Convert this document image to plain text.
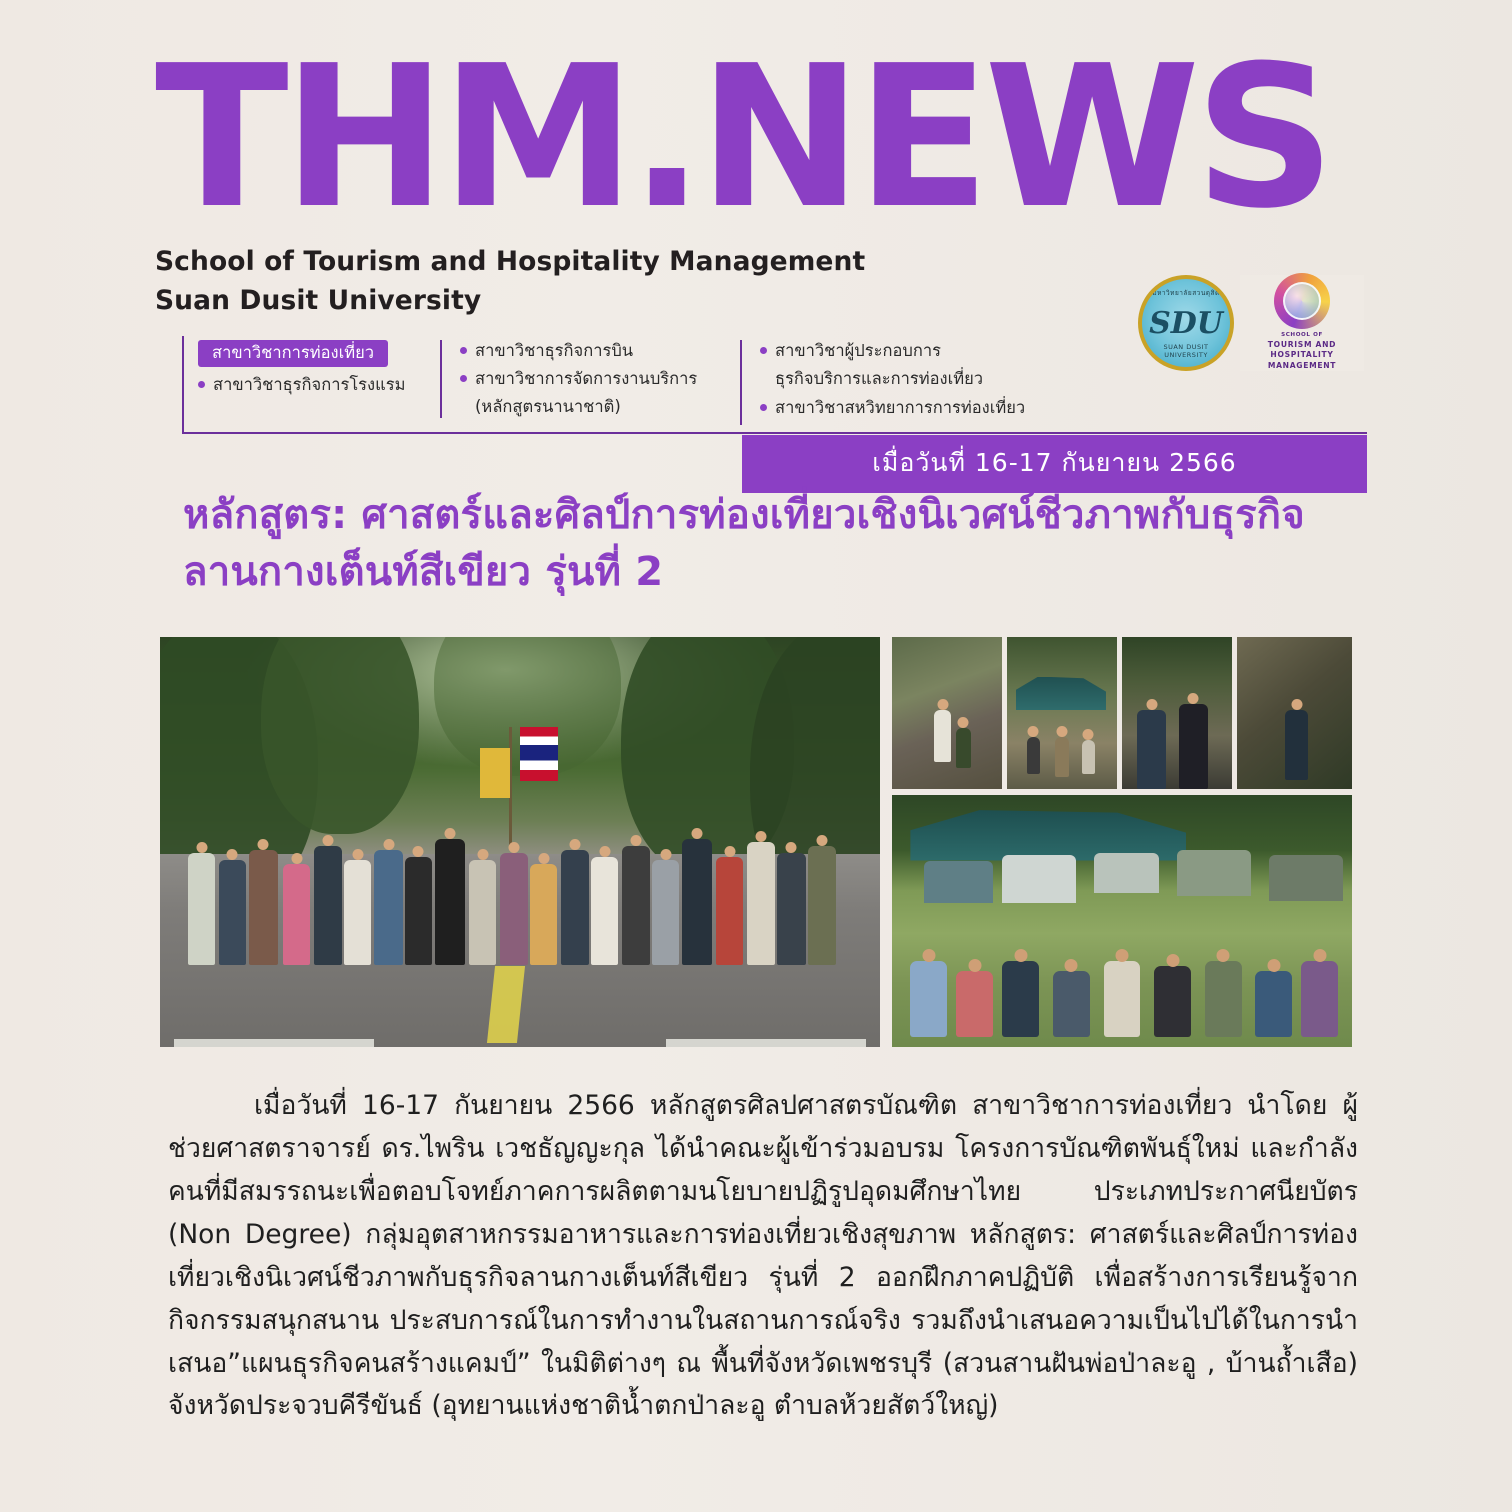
THM.NEWS
School of Tourism and Hospitality Management
Suan Dusit University
สาขาวิชาการท่องเที่ยว
สาขาวิชาธุรกิจการโรงแรม
สาขาวิชาธุรกิจการบิน
สาขาวิชาการจัดการงานบริการ
(หลักสูตรนานาชาติ)
สาขาวิชาผู้ประกอบการ
ธุรกิจบริการและการท่องเที่ยว
สาขาวิชาสหวิทยาการการท่องเที่ยว
มหาวิทยาลัยสวนดุสิต
SDU
SUAN DUSIT UNIVERSITY
SCHOOL OF
TOURISM AND HOSPITALITY MANAGEMENT
เมื่อวันที่ 16-17 กันยายน 2566
หลักสูตร: ศาสตร์และศิลป์การท่องเที่ยวเชิงนิเวศน์ชีวภาพกับธุรกิจลานกางเต็นท์สีเขียว รุ่นที่ 2
เมื่อวันที่ 16-17 กันยายน 2566 หลักสูตรศิลปศาสตรบัณฑิต สาขาวิชาการท่องเที่ยว นำโดย ผู้ช่วยศาสตราจารย์ ดร.ไพริน เวชธัญญะกุล ได้นำคณะผู้เข้าร่วมอบรม โครงการบัณฑิตพันธุ์ใหม่ และกำลังคนที่มีสมรรถนะเพื่อตอบโจทย์ภาคการผลิตตามนโยบายปฏิรูปอุดมศึกษาไทย ประเภทประกาศนียบัตร (Non Degree) กลุ่มอุตสาหกรรมอาหารและการท่องเที่ยวเชิงสุขภาพ หลักสูตร: ศาสตร์และศิลป์การท่องเที่ยวเชิงนิเวศน์ชีวภาพกับธุรกิจลานกางเต็นท์สีเขียว รุ่นที่ 2 ออกฝึกภาคปฏิบัติ เพื่อสร้างการเรียนรู้จากกิจกรรมสนุกสนาน ประสบการณ์ในการทำงานในสถานการณ์จริง รวมถึงนำเสนอความเป็นไปได้ในการนำเสนอ”แผนธุรกิจคนสร้างแคมป์” ในมิติต่างๆ ณ พื้นที่จังหวัดเพชรบุรี (สวนสานฝันพ่อป่าละอู , บ้านถ้ำเสือ) จังหวัดประจวบคีรีขันธ์ (อุทยานแห่งชาติน้ำตกป่าละอู ตำบลห้วยสัตว์ใหญ่)
